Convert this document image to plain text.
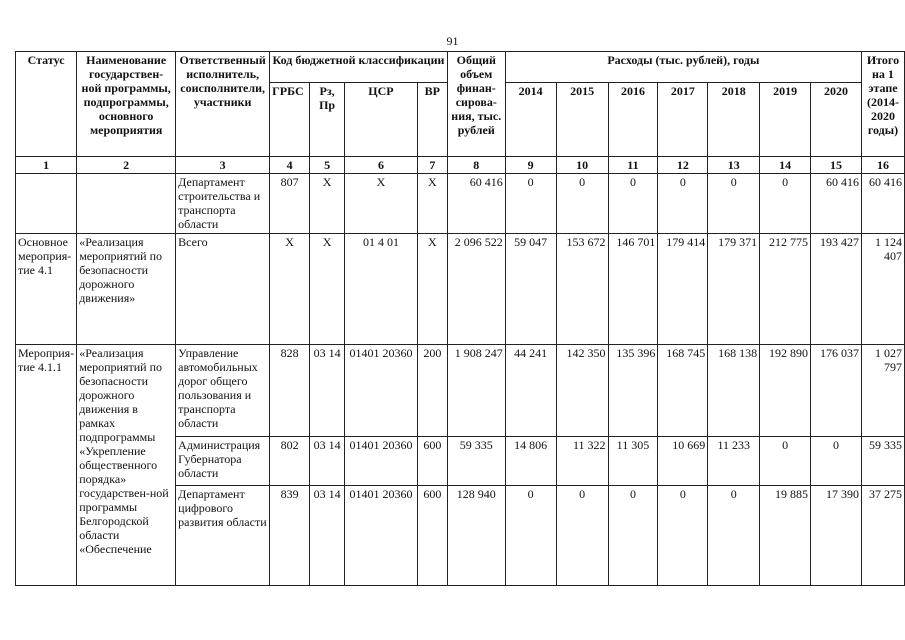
91
Статус	Наименование государствен-ной программы, подпрограммы, основного мероприятия	Ответственный исполнитель, соисполнители, участники	Код бюджетной классификации				Общий объем финан-сирова-ния, тыс. рублей	Расходы (тыс. рублей), годы							Итого на 1 этапе (2014-2020 годы)
			ГРБС	Рз, Пр	ЦСР	ВР		2014	2015	2016	2017	2018	2019	2020	
1	2	3	4	5	6	7	8	9	10	11	12	13	14	15	16
		Департамент строительства и транспорта области	807	Х	Х	Х	60 416	0	0	0	0	0	0	60 416	60 416
Основное мероприя-тие 4.1	«Реализация мероприятий по безопасности дорожного движения»	Всего	Х	Х	01 4 01	Х	2 096 522	59 047	153 672	146 701	179 414	179 371	212 775	193 427	1 124 407
Мероприя-тие 4.1.1	«Реализация мероприятий по безопасности дорожного движения в рамках подпрограммы «Укрепление общественного порядка» государствен-ной программы Белгородской области «Обеспечение	Управление автомобильных дорог общего пользования и транспорта области	828	03 14	01401 20360	200	1 908 247	44 241	142 350	135 396	168 745	168 138	192 890	176 037	1 027 797
		Администрация Губернатора области	802	03 14	01401 20360	600	59 335	14 806	11 322	11 305	10 669	11 233	0	0	59 335
		Департамент цифрового развития области	839	03 14	01401 20360	600	128 940	0	0	0	0	0	19 885	17 390	37 275
